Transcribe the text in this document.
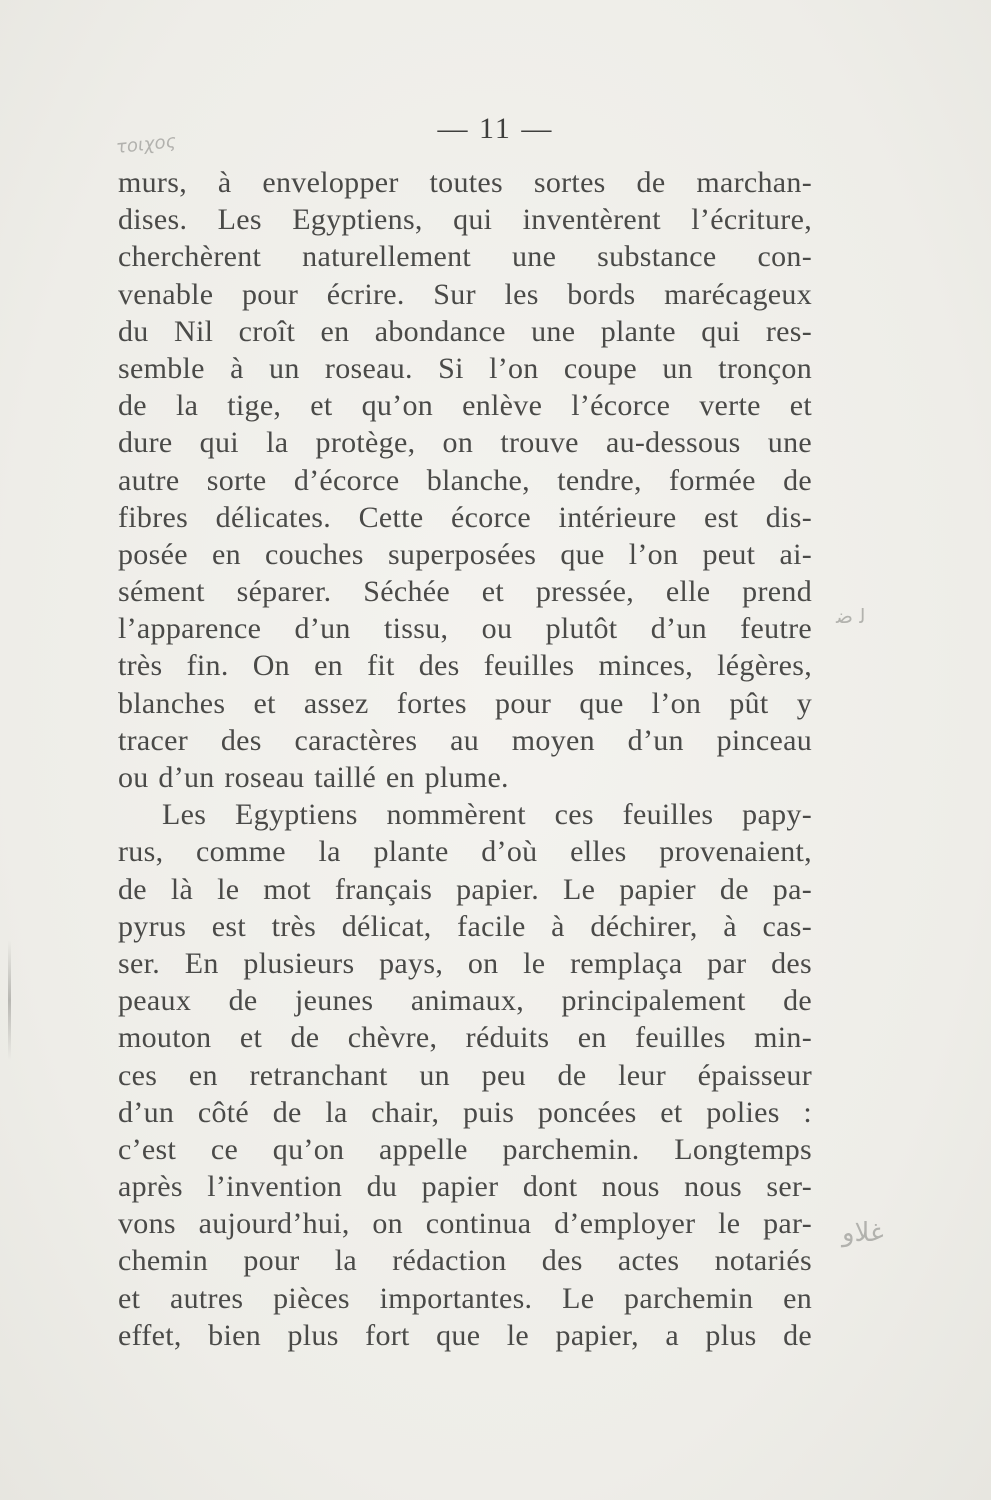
τοιχος
ﻟ ﺿ
ﻏﻠﺎﻭ
— 11 —
murs, à envelopper toutes sortes de marchan-
dises. Les Egyptiens, qui inventèrent l’écriture,
cherchèrent naturellement une substance con-
venable pour écrire. Sur les bords marécageux
du Nil croît en abondance une plante qui res-
semble à un roseau. Si l’on coupe un tronçon
de la tige, et qu’on enlève l’écorce verte et
dure qui la protège, on trouve au-dessous une
autre sorte d’écorce blanche, tendre, formée de
fibres délicates. Cette écorce intérieure est dis-
posée en couches superposées que l’on peut ai-
sément séparer. Séchée et pressée, elle prend
l’apparence d’un tissu, ou plutôt d’un feutre
très fin. On en fit des feuilles minces, légères,
blanches et assez fortes pour que l’on pût y
tracer des caractères au moyen d’un pinceau
ou d’un roseau taillé en plume.
Les Egyptiens nommèrent ces feuilles papy-
rus, comme la plante d’où elles provenaient,
de là le mot français papier. Le papier de pa-
pyrus est très délicat, facile à déchirer, à cas-
ser. En plusieurs pays, on le remplaça par des
peaux de jeunes animaux, principalement de
mouton et de chèvre, réduits en feuilles min-
ces en retranchant un peu de leur épaisseur
d’un côté de la chair, puis poncées et polies :
c’est ce qu’on appelle parchemin. Longtemps
après l’invention du papier dont nous nous ser-
vons aujourd’hui, on continua d’employer le par-
chemin pour la rédaction des actes notariés
et autres pièces importantes. Le parchemin en
effet, bien plus fort que le papier, a plus de
